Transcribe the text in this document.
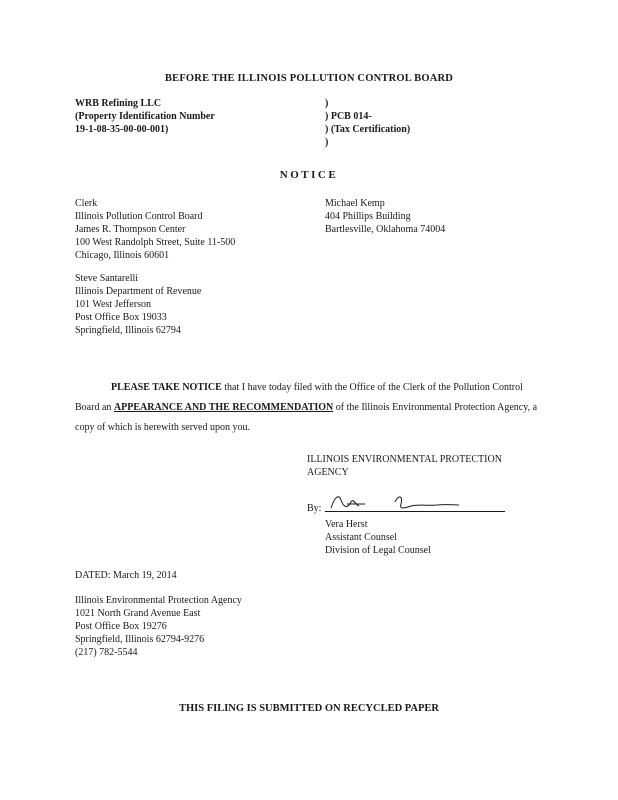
BEFORE THE ILLINOIS POLLUTION CONTROL BOARD
WRB Refining LLC
(Property Identification Number
19-1-08-35-00-00-001)
)
) PCB 014-
) (Tax Certification)
)
NOTICE
Clerk
Illinois Pollution Control Board
James R. Thompson Center
100 West Randolph Street, Suite 11-500
Chicago, Illinois 60601
Michael Kemp
404 Phillips Building
Bartlesville, Oklahoma 74004
Steve Santarelli
Illinois Department of Revenue
101 West Jefferson
Post Office Box 19033
Springfield, Illinois 62794
PLEASE TAKE NOTICE that I have today filed with the Office of the Clerk of the Pollution Control Board an APPEARANCE AND THE RECOMMENDATION of the Illinois Environmental Protection Agency, a copy of which is herewith served upon you.
ILLINOIS ENVIRONMENTAL PROTECTION
AGENCY
By:
Vera Herst
Assistant Counsel
Division of Legal Counsel
DATED: March 19, 2014
Illinois Environmental Protection Agency
1021 North Grand Avenue East
Post Office Box 19276
Springfield, Illinois 62794-9276
(217) 782-5544
THIS FILING IS SUBMITTED ON RECYCLED PAPER
